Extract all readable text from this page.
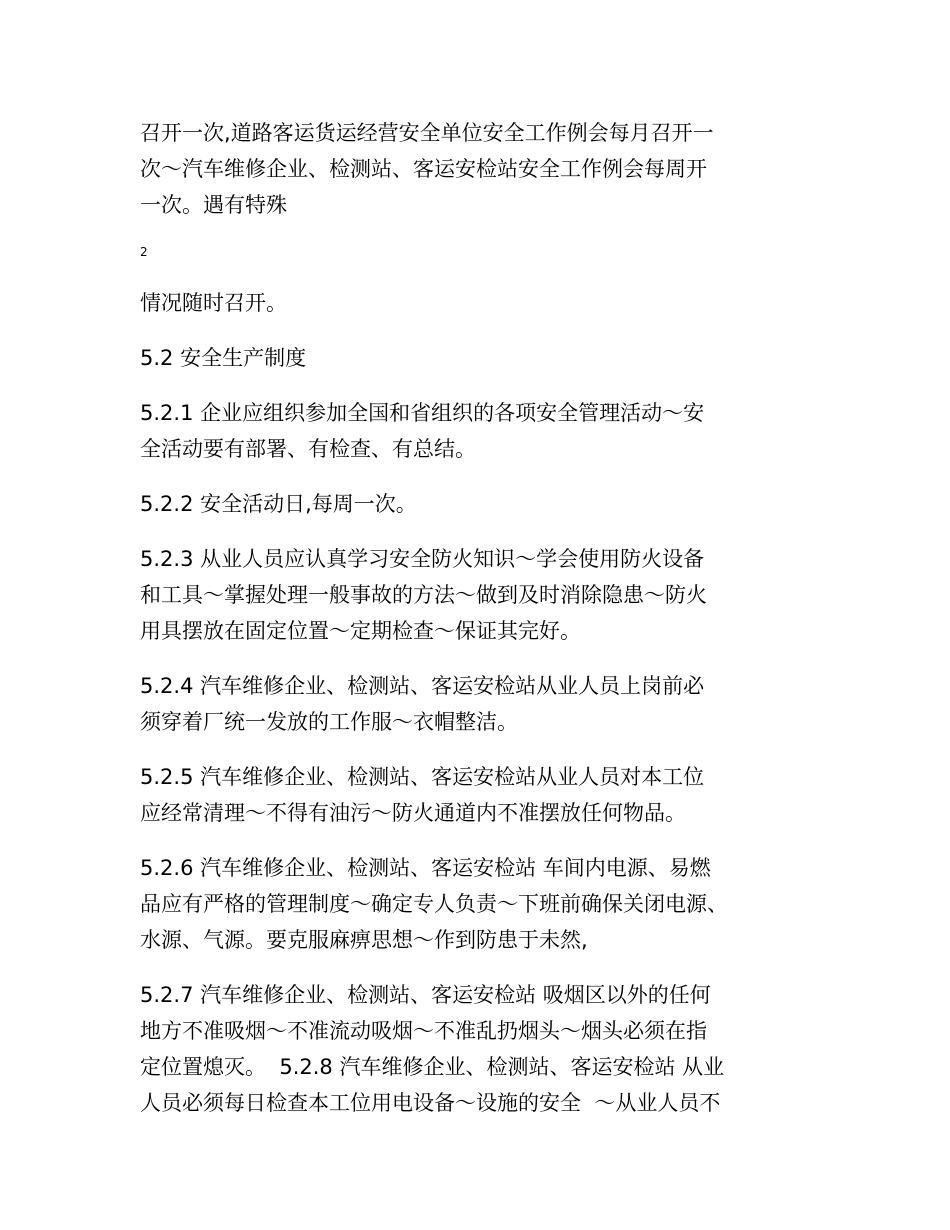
召开一次,道路客运货运经营安全单位安全工作例会每月召开一
次～汽车维修企业、检测站、客运安检站安全工作例会每周开
一次。遇有特殊
2
情况随时召开。
5.2 安全生产制度
5.2.1 企业应组织参加全国和省组织的各项安全管理活动～安
全活动要有部署、有检查、有总结。
5.2.2 安全活动日,每周一次。
5.2.3 从业人员应认真学习安全防火知识～学会使用防火设备
和工具～掌握处理一般事故的方法～做到及时消除隐患～防火
用具摆放在固定位置～定期检查～保证其完好。
5.2.4 汽车维修企业、检测站、客运安检站从业人员上岗前必
须穿着厂统一发放的工作服～衣帽整洁。
5.2.5 汽车维修企业、检测站、客运安检站从业人员对本工位
应经常清理～不得有油污～防火通道内不准摆放任何物品。
5.2.6 汽车维修企业、检测站、客运安检站 车间内电源、易燃
品应有严格的管理制度～确定专人负责～下班前确保关闭电源、
水源、气源。要克服麻痹思想～作到防患于未然,
5.2.7 汽车维修企业、检测站、客运安检站 吸烟区以外的任何
地方不准吸烟～不准流动吸烟～不准乱扔烟头～烟头必须在指
定位置熄灭。  5.2.8 汽车维修企业、检测站、客运安检站 从业
人员必须每日检查本工位用电设备～设施的安全  ～从业人员不
